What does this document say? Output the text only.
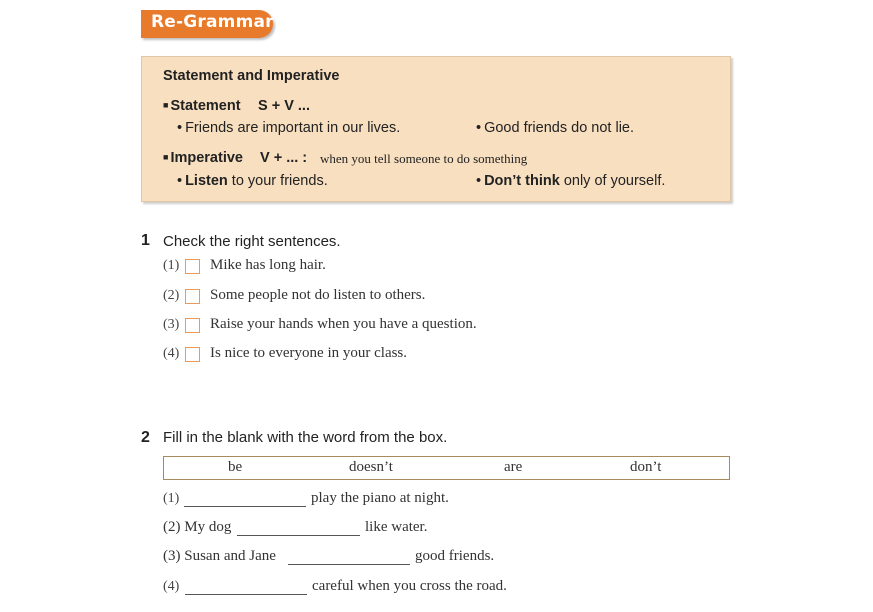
Re-Grammar
Statement and Imperative
■ Statement S + V ...
• Friends are important in our lives.	• Good friends do not lie.
■ Imperative V + ... : when you tell someone to do something
• Listen to your friends.	• Don’t think only of yourself.
1 Check the right sentences.
(1) Mike has long hair.
(2) Some people not do listen to others.
(3) Raise your hands when you have a question.
(4) Is nice to everyone in your class.
2 Fill in the blank with the word from the box.
be	doesn’t	are	don’t
(1)	play the piano at night.
(2) My dog	like water.
(3) Susan and Jane	good friends.
(4)	careful when you cross the road.
